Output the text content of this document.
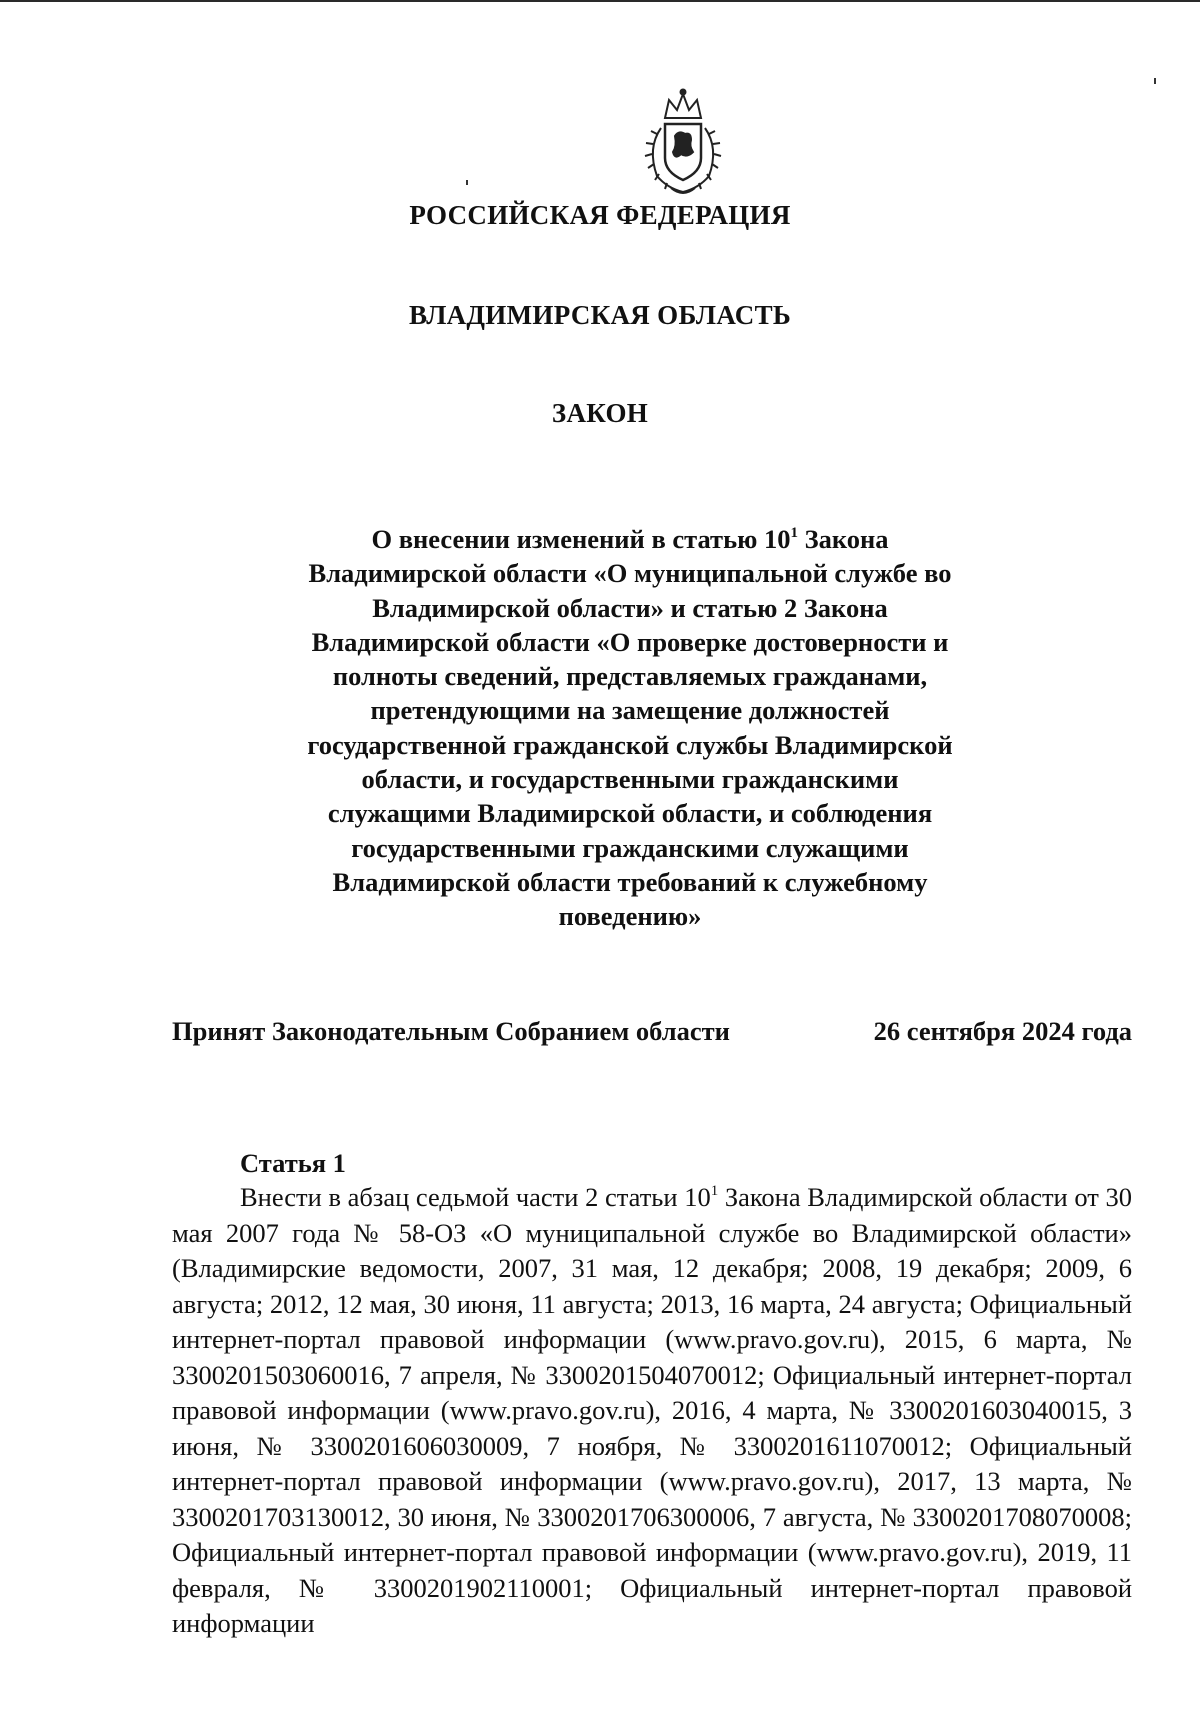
РОССИЙСКАЯ ФЕДЕРАЦИЯ
ВЛАДИМИРСКАЯ ОБЛАСТЬ
ЗАКОН
О внесении изменений в статью $10^1$ Закона Владимирской области «О муниципальной службе во Владимирской области» и статью 2 Закона Владимирской области «О проверке достоверности и полноты сведений, представляемых гражданами, претендующими на замещение должностей государственной гражданской службы Владимирской области, и государственными гражданскими служащими Владимирской области, и соблюдения государственными гражданскими служащими Владимирской области требований к служебному поведению»
Принят Законодательным Собранием области	26 сентября 2024 года
Статья 1

Внести в абзац седьмой части 2 статьи $10^1$ Закона Владимирской области от 30 мая 2007 года № 58-ОЗ «О муниципальной службе во Владимирской области» (Владимирские ведомости, 2007, 31 мая, 12 декабря; 2008, 19 декабря; 2009, 6 августа; 2012, 12 мая, 30 июня, 11 августа; 2013, 16 марта, 24 августа; Официальный интернет-портал правовой информации (www.pravo.gov.ru), 2015, 6 марта, № 3300201503060016, 7 апреля, № 3300201504070012; Официальный интернет-портал правовой информации (www.pravo.gov.ru), 2016, 4 марта, № 3300201603040015, 3 июня, № 3300201606030009, 7 ноября, № 3300201611070012; Официальный интернет-портал правовой информации (www.pravo.gov.ru), 2017, 13 марта, № 3300201703130012, 30 июня, № 3300201706300006, 7 августа, № 3300201708070008; Официальный интернет-портал правовой информации (www.pravo.gov.ru), 2019, 11 февраля, № 3300201902110001; Официальный интернет-портал правовой информации
